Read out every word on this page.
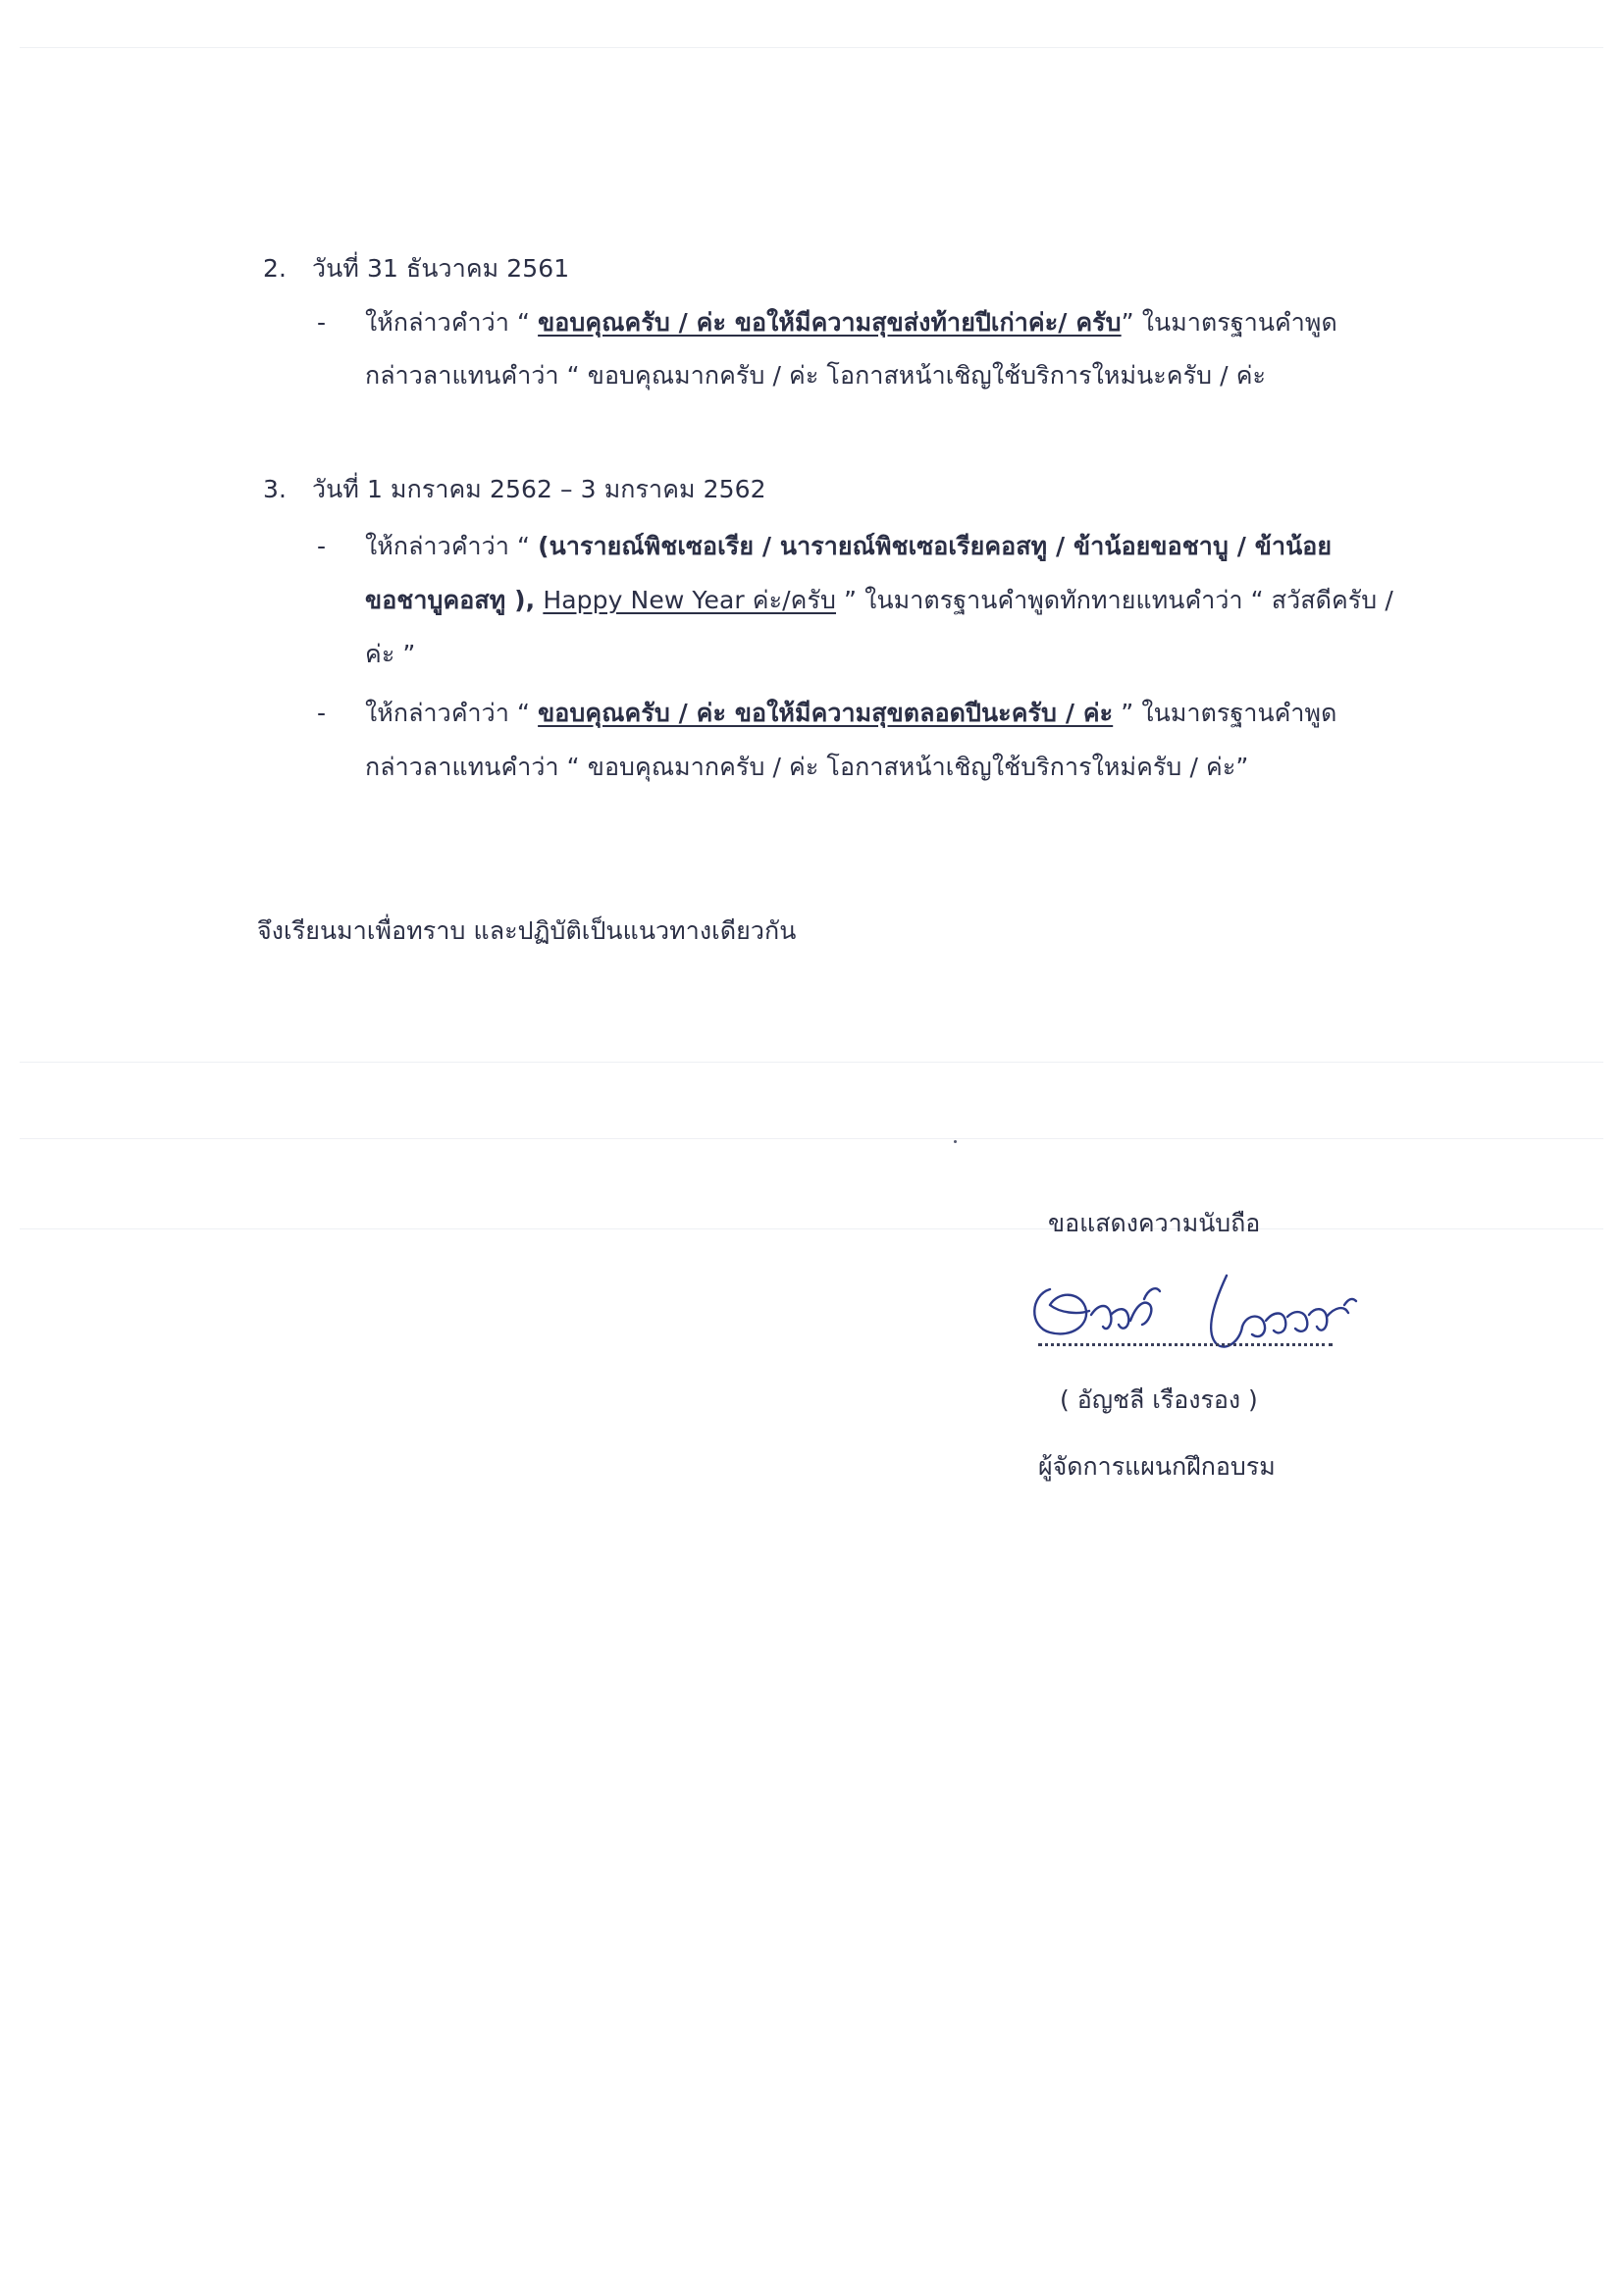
2.	วันที่ 31 ธันวาคม 2561
- ให้กล่าวคำว่า “ ขอบคุณครับ / ค่ะ ขอให้มีความสุขส่งท้ายปีเก่าค่ะ/ ครับ” ในมาตรฐานคำพูด
กล่าวลาแทนคำว่า “ ขอบคุณมากครับ / ค่ะ โอกาสหน้าเชิญใช้บริการใหม่นะครับ / ค่ะ
3.	วันที่ 1 มกราคม 2562 – 3 มกราคม 2562
- ให้กล่าวคำว่า “ (นารายณ์พิชเซอเรีย / นารายณ์พิชเซอเรียคอสทู / ข้าน้อยขอชาบู / ข้าน้อย
ขอชาบูคอสทู ), Happy New Year ค่ะ/ครับ ” ในมาตรฐานคำพูดทักทายแทนคำว่า “ สวัสดีครับ /
ค่ะ ”
- ให้กล่าวคำว่า “ ขอบคุณครับ / ค่ะ ขอให้มีความสุขตลอดปีนะครับ / ค่ะ ” ในมาตรฐานคำพูด
กล่าวลาแทนคำว่า “ ขอบคุณมากครับ / ค่ะ โอกาสหน้าเชิญใช้บริการใหม่ครับ / ค่ะ”
จึงเรียนมาเพื่อทราบ และปฏิบัติเป็นแนวทางเดียวกัน
ขอแสดงความนับถือ
( อัญชลี เรืองรอง )
ผู้จัดการแผนกฝึกอบรม
